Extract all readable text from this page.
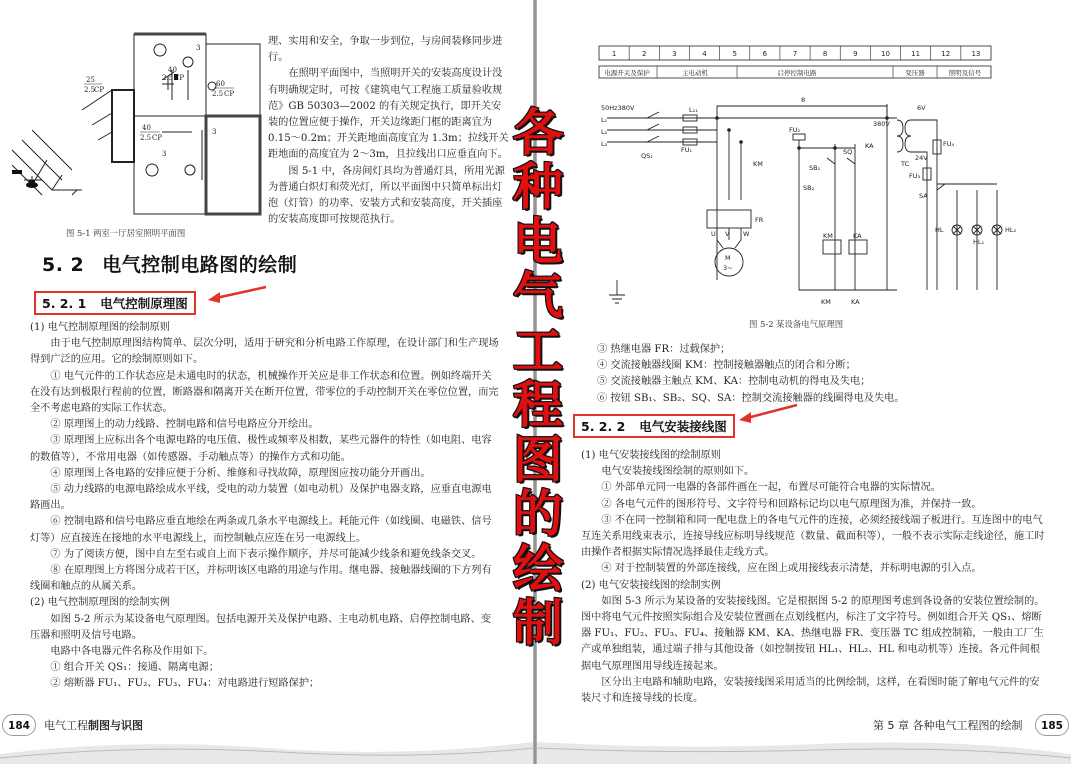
25
2.5
CP
40
2.5 CP
60
2.5 CP
40
2.5 CP
3
3
3
图 5-1 两室一厅居室照明平面图

理、实用和安全，争取一步到位，与房间装修同步进行。

在照明平面图中，当照明开关的安装高度设计没有明确规定时，可按《建筑电气工程施工质量验收规范》GB 50303—2002 的有关规定执行，即开关安装的位置应便于操作，开关边缘距门框的距离宜为 0.15～0.2m；开关距地面高度宜为 1.3m；拉线开关距地面的高度宜为 2～3m，且拉线出口应垂直向下。

图 5-1 中，各房间灯具均为普通灯具，所用光源为普通白炽灯和荧光灯，所以平面图中只简单标出灯泡（灯管）的功率、安装方式和安装高度，开关插座的安装高度即可按规范执行。

5. 2 电气控制电路图的绘制
5. 2. 1 电气控制原理图

(1) 电气控制原理图的绘制原则

由于电气控制原理图结构简单、层次分明，适用于研究和分析电路工作原理，在设计部门和生产现场得到广泛的应用。它的绘制原则如下。

① 电气元件的工作状态应是未通电时的状态，机械操作开关应是非工作状态和位置。例如终端开关在没有达到极限行程前的位置，断路器和隔离开关在断开位置，带零位的手动控制开关在零位位置，而完全不考虑电路的实际工作状态。

② 原理图上的动力线路、控制电路和信号电路应分开绘出。

③ 原理图上应标出各个电源电路的电压值、极性或频率及相数，某些元器件的特性（如电阻、电容的数值等），不常用电器（如传感器、手动触点等）的操作方式和功能。

④ 原理图上各电路的安排应便于分析、维修和寻找故障，原理图应按功能分开画出。

⑤ 动力线路的电源电路绘成水平线，受电的动力装置（如电动机）及保护电器支路，应垂直电源电路画出。

⑥ 控制电路和信号电路应垂直地绘在两条或几条水平电源线上。耗能元件（如线圈、电磁铁、信号灯等）应直接连在接地的水平电源线上，而控制触点应连在另一电源线上。

⑦ 为了阅读方便，图中自左至右或自上而下表示操作顺序，并尽可能减少线条和避免线条交叉。

⑧ 在原理图上方将图分成若干区，并标明该区电路的用途与作用。继电器、接触器线圈的下方列有线圈和触点的从属关系。

(2) 电气控制原理图的绘制实例

如图 5-2 所示为某设备电气原理图。包括电源开关及保护电路、主电动机电路、启停控制电路、变压器和照明及信号电路。

电路中各电器元件名称及作用如下。

① 组合开关 QS₁：接通、隔离电源；

② 熔断器 FU₁、FU₂、FU₃、FU₄：对电路进行短路保护；

184	电气工程制图与识图
1	2	3	4	5	6	7	8	9	10	11	12	13
电源开关及保护	主电动机	启停控制电路	变压器	照明及信号
50Hz380V
L₁
L₂
L₃
QS₁
FU₁
L₁₁
FU₂
KM	SB₁
SQ
KA
SB₂
FR
M
3~
U V W
380V
6V
24V
TC
FU₃
FU₄
SA
HL
HL₁
HL₂
8
KM	KA
KM	KA
图 5-2 某设备电气原理图

③ 热继电器 FR：过载保护；

④ 交流接触器线圈 KM：控制接触器触点的闭合和分断；

⑤ 交流接触器主触点 KM、KA：控制电动机的得电及失电；

⑥ 按钮 SB₁、SB₂、SQ、SA：控制交流接触器的线圈得电及失电。

5. 2. 2 电气安装接线图

(1) 电气安装接线图的绘制原则

电气安装接线图绘制的原则如下。

① 外部单元同一电器的各部件画在一起，布置尽可能符合电器的实际情况。

② 各电气元件的图形符号、文字符号和回路标记均以电气原理图为准，并保持一致。

③ 不在同一控制箱和同一配电盘上的各电气元件的连接，必须经接线端子板进行。互连图中的电气互连关系用线束表示，连接导线应标明导线规范（数量、截面积等），一般不表示实际走线途径，施工时由操作者根据实际情况选择最佳走线方式。

④ 对于控制装置的外部连接线，应在图上或用接线表示清楚，并标明电源的引入点。

(2) 电气安装接线图的绘制实例

如图 5-3 所示为某设备的安装接线图。它是根据图 5-2 的原理图考虑到各设备的安装位置绘制的。图中将电气元件按照实际组合及安装位置画在点划线框内，标注了文字符号。例如组合开关 QS₁、熔断器 FU₁、FU₂、FU₃、FU₄、接触器 KM、KA、热继电器 FR、变压器 TC 组成控制箱，一般由工厂生产或单独组装，通过端子排与其他设备（如控制按钮 HL₁、HL₂、HL 和电动机等）连接。各元件间根据电气原理图用导线连接起来。

区分出主电路和辅助电路，安装接线图采用适当的比例绘制，这样，在看图时能了解电气元件的安装尺寸和连接导线的长度。

第 5 章 各种电气工程图的绘制	185
各
种
电
气
工
程
图
的
绘
制
